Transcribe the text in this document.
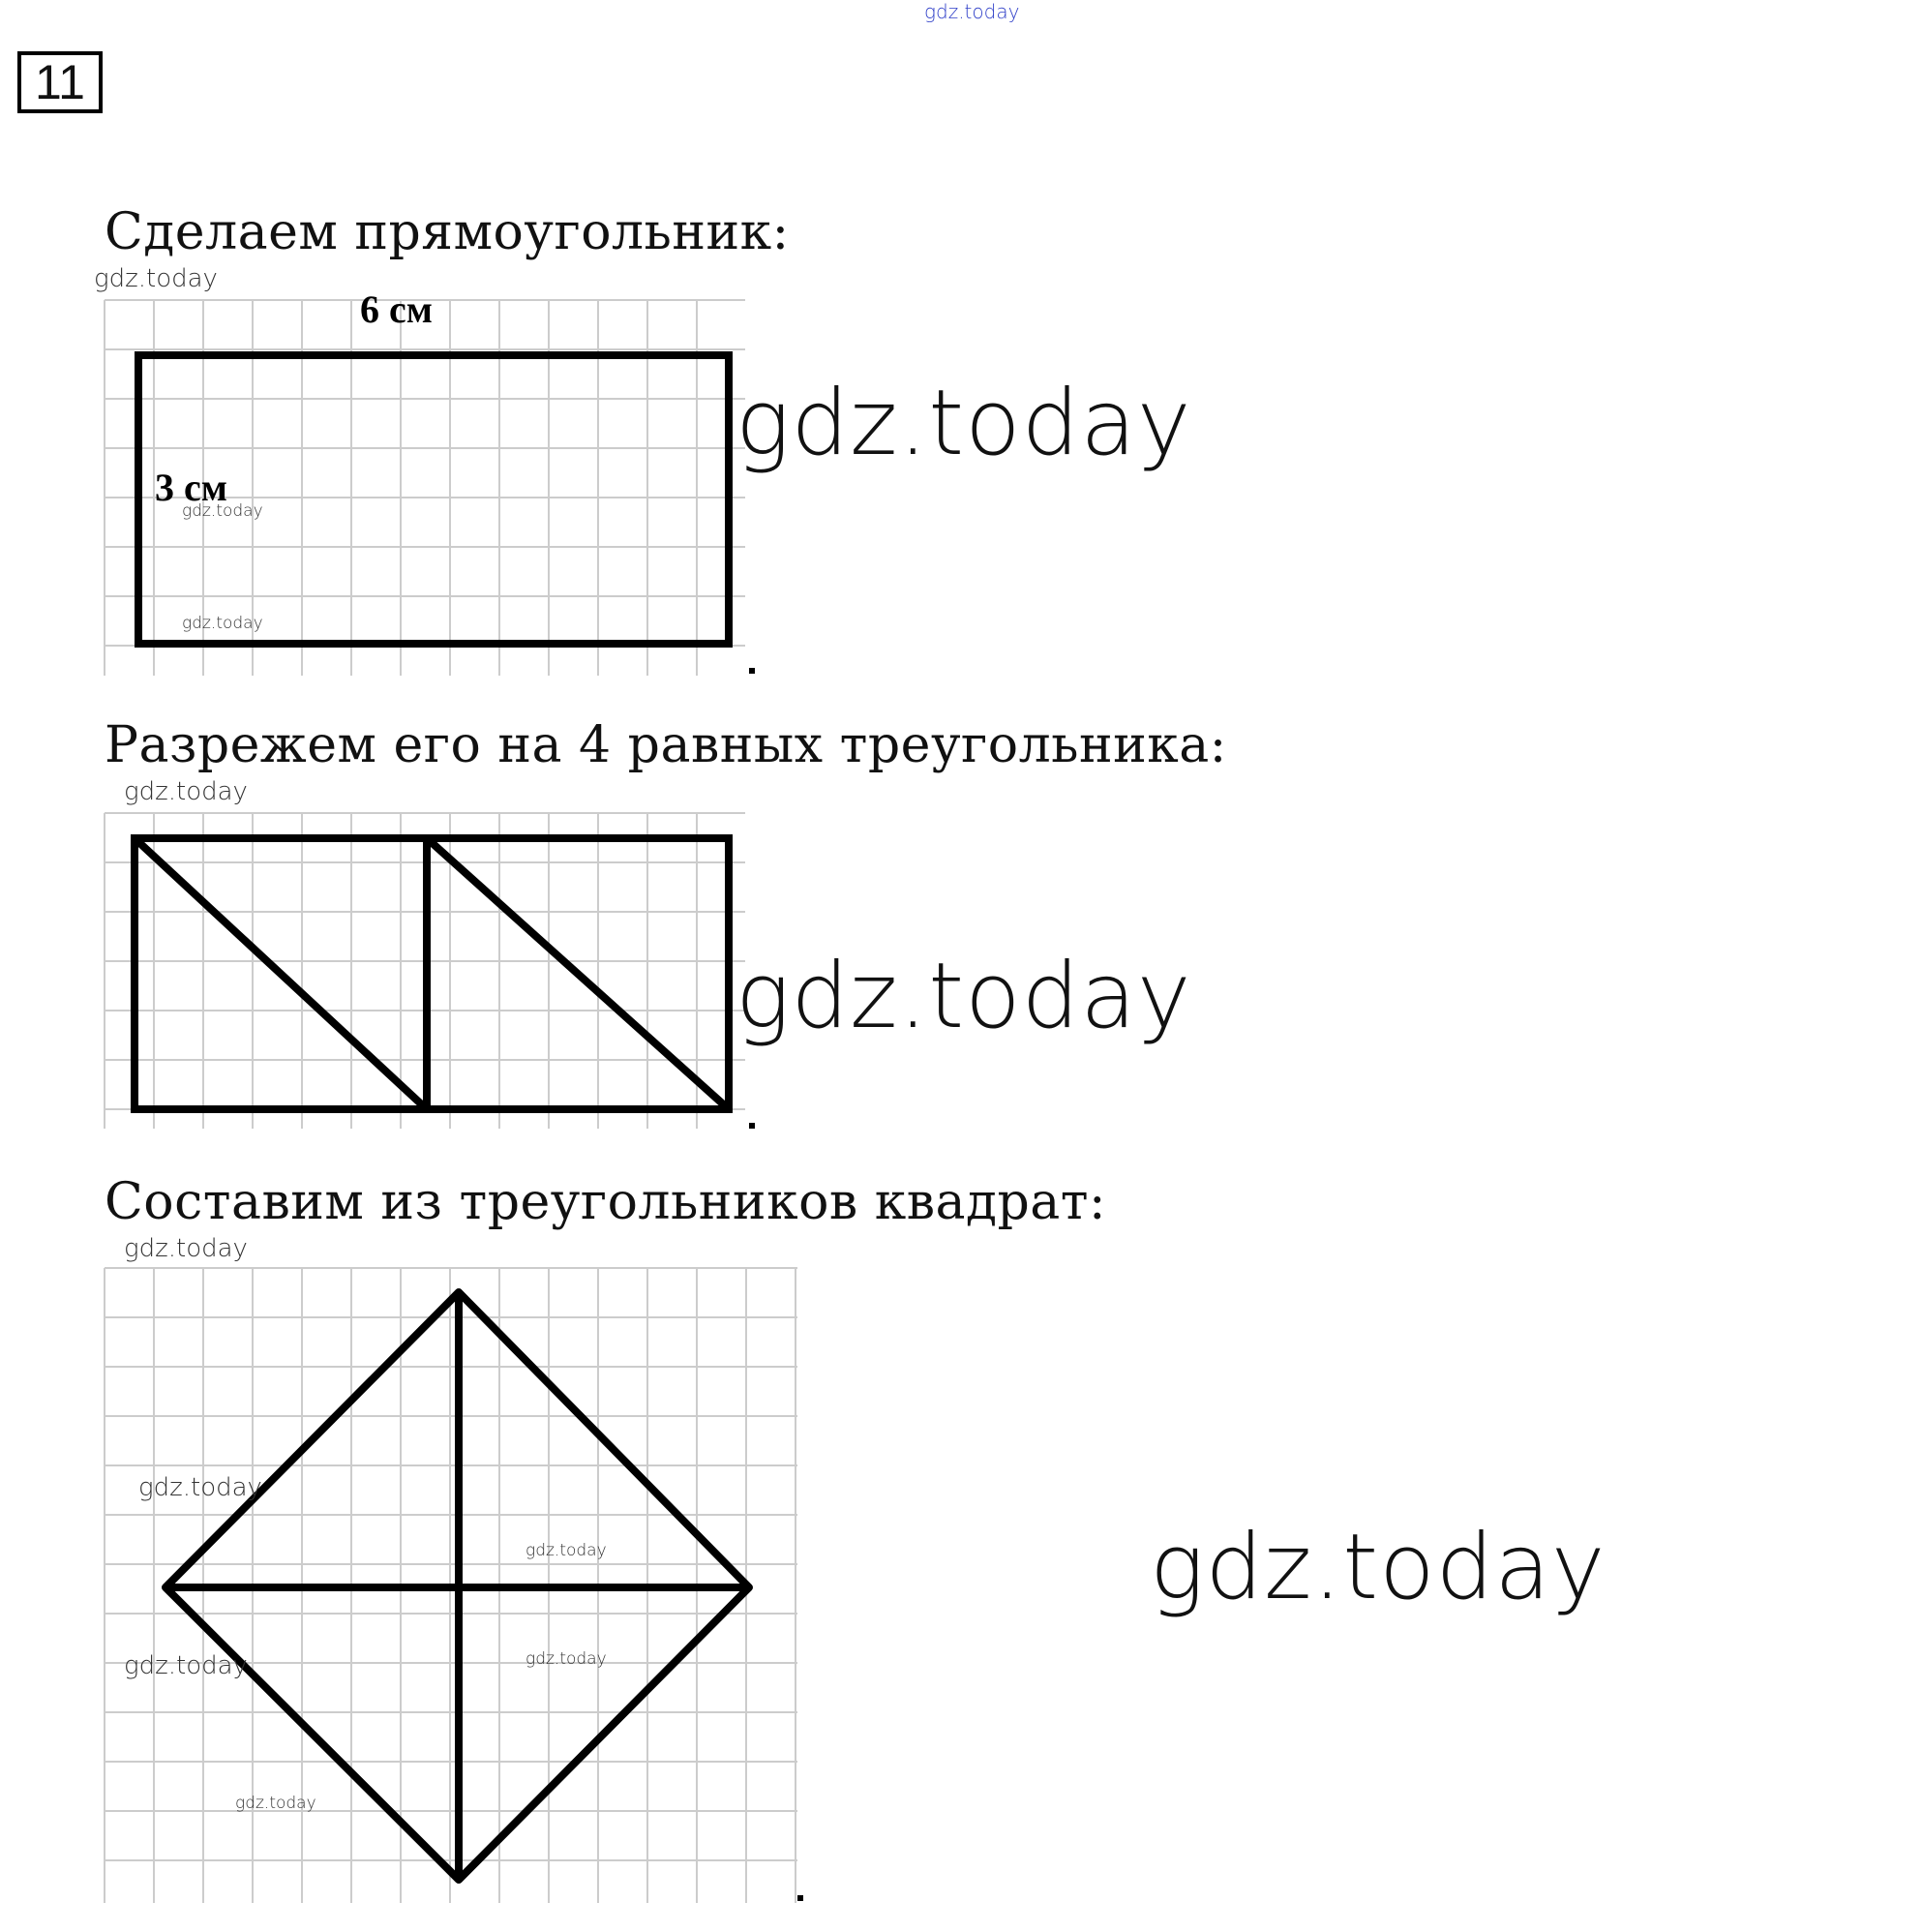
gdz.today
11
Сделаем прямоугольник:
gdz.today
6 см
3 см
gdz.today
gdz.today
gdz.today
Разрежем его на 4 равных треугольника:
gdz.today
gdz.today
Составим из треугольников квадрат:
gdz.today
gdz.today
gdz.today
gdz.today	gdz.today
gdz.today
gdz.today
